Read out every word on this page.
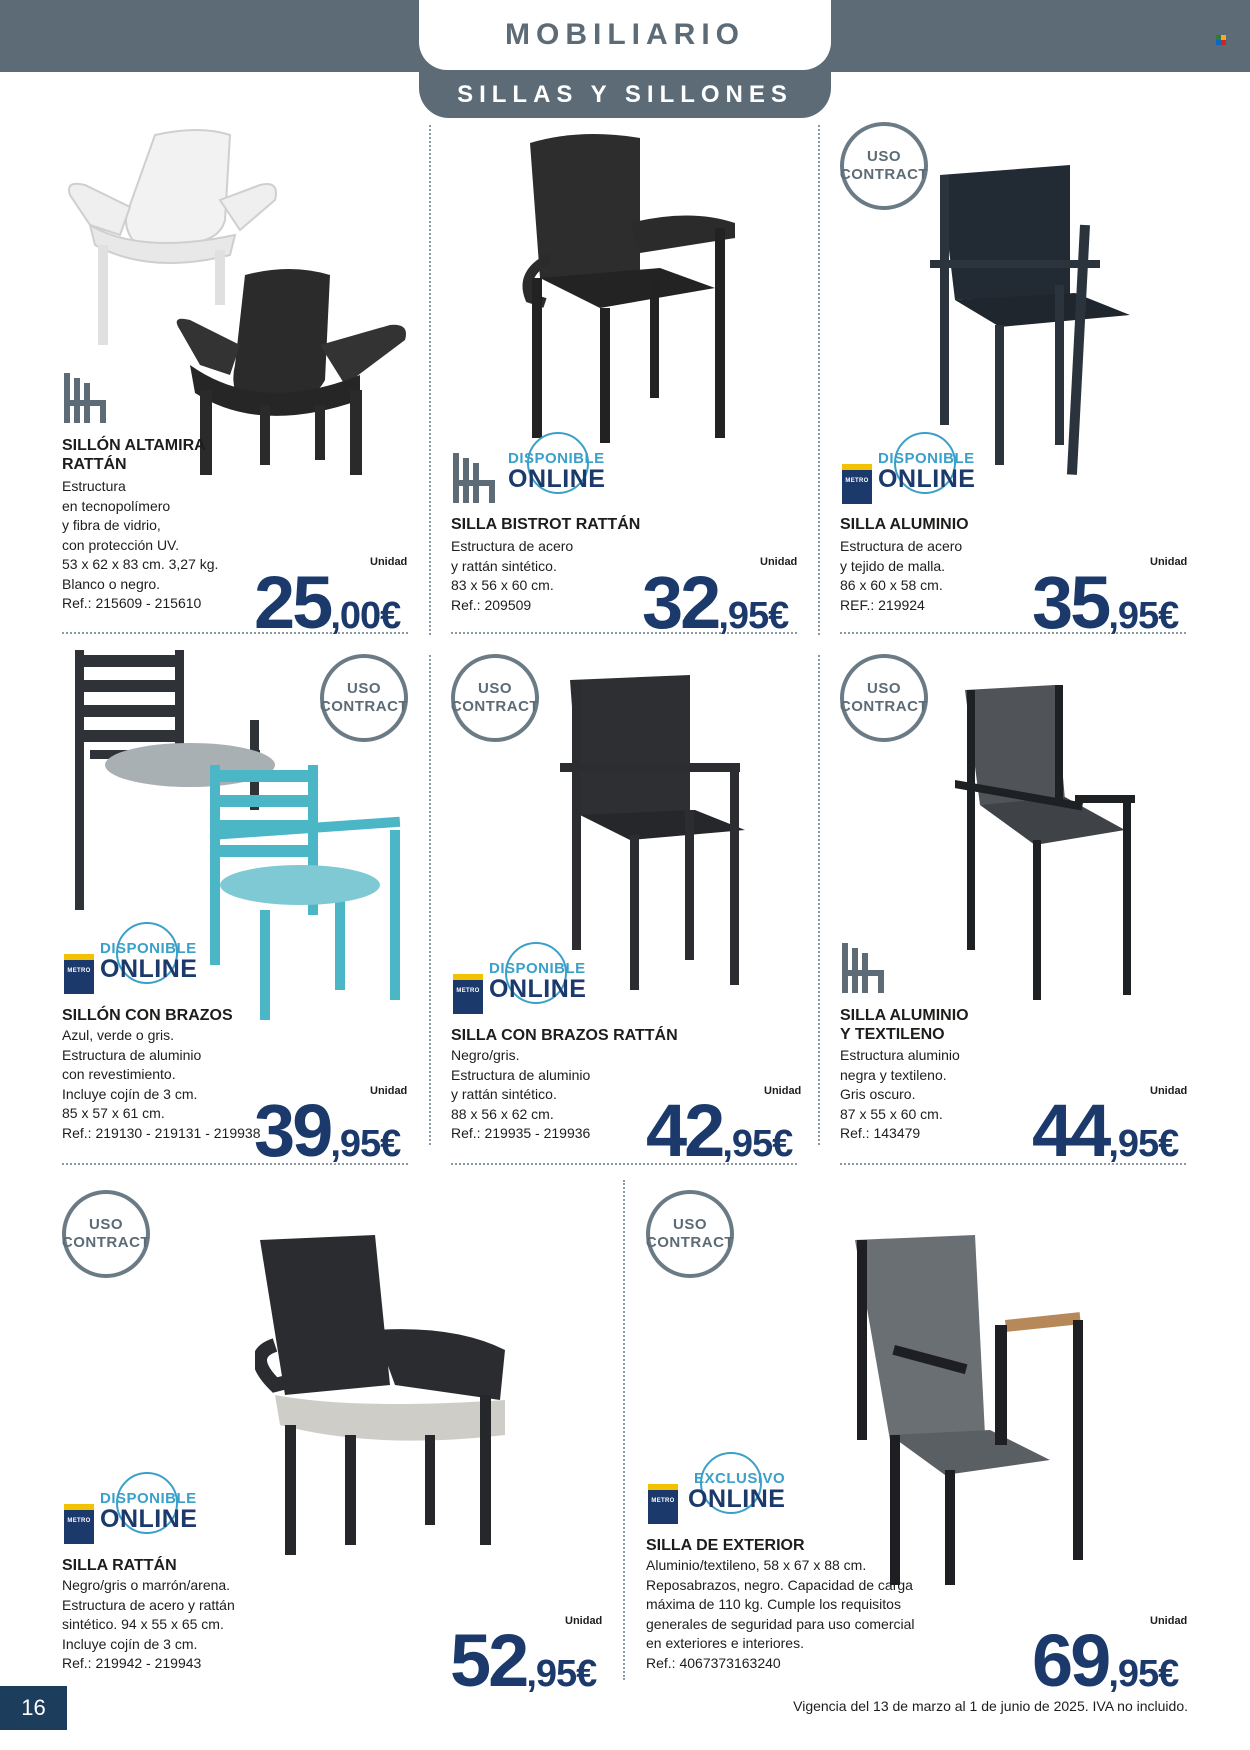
MOBILIARIO
SILLAS Y SILLONES
SILLÓN ALTAMIRA RATTÁN
Estructura
en tecnopolímero
y fibra de vidrio,
con protección UV.
53 x 62 x 83 cm. 3,27 kg.
Blanco o negro.
Ref.: 215609 - 215610
Unidad
25,00€
DISPONIBLE
ONLINE
SILLA BISTROT RATTÁN
Estructura de acero
y rattán sintético.
83 x 56 x 60 cm.
Ref.: 209509
Unidad
32,95€
USO
CONTRACT
METRO
DISPONIBLE
ONLINE
SILLA ALUMINIO
Estructura de acero
y tejido de malla.
86 x 60 x 58 cm.
REF.: 219924
Unidad
35,95€
USO
CONTRACT
METRO
DISPONIBLE
ONLINE
SILLÓN CON BRAZOS
Azul, verde o gris.
Estructura de aluminio
con revestimiento.
Incluye cojín de 3 cm.
85 x 57 x 61 cm.
Ref.: 219130 - 219131 - 219938
Unidad
39,95€
USO
CONTRACT
METRO
DISPONIBLE
ONLINE
SILLA CON BRAZOS RATTÁN
Negro/gris.
Estructura de aluminio
y rattán sintético.
88 x 56 x 62 cm.
Ref.: 219935 - 219936
Unidad
42,95€
USO
CONTRACT
SILLA ALUMINIO Y TEXTILENO
Estructura aluminio
negra y textileno.
Gris oscuro.
87 x 55 x 60 cm.
Ref.: 143479
Unidad
44,95€
USO
CONTRACT
METRO
DISPONIBLE
ONLINE
SILLA RATTÁN
Negro/gris o marrón/arena.
Estructura de acero y rattán
sintético. 94 x 55 x 65 cm.
Incluye cojín de 3 cm.
Ref.: 219942 - 219943
Unidad
52,95€
USO
CONTRACT
METRO
EXCLUSIVO
ONLINE
SILLA DE EXTERIOR
Aluminio/textileno, 58 x 67 x 88 cm.
Reposabrazos, negro. Capacidad de carga
máxima de 110 kg. Cumple los requisitos
generales de seguridad para uso comercial
en exteriores e interiores.
Ref.: 4067373163240
Unidad
69,95€
16	Vigencia del 13 de marzo al 1 de junio de 2025. IVA no incluido.
